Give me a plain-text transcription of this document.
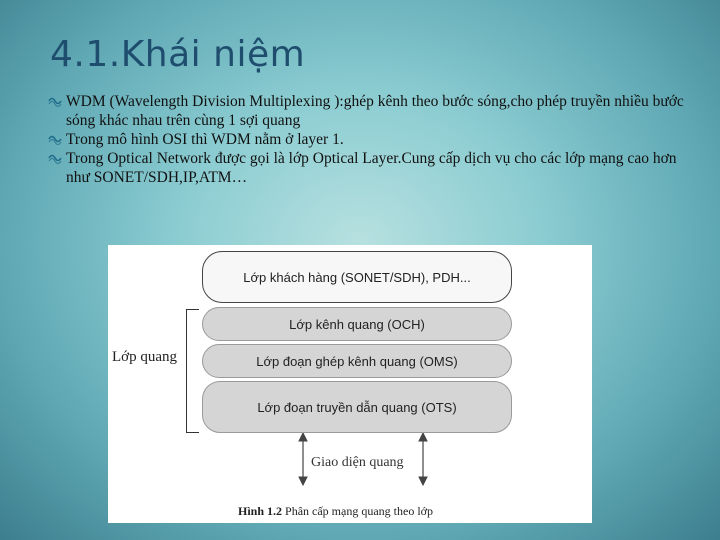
4.1.Khái niệm
WDM (Wavelength Division Multiplexing ):ghép kênh theo bước sóng,cho phép truyền nhiều bước sóng khác nhau trên cùng 1 sợi quang
Trong mô hình OSI thì WDM nằm ở layer 1.
Trong Optical Network được gọi là lớp Optical Layer.Cung cấp dịch vụ cho các lớp mạng cao hơn như SONET/SDH,IP,ATM…
Lớp khách hàng (SONET/SDH), PDH...
Lớp kênh quang (OCH)
Lớp đoạn ghép kênh quang (OMS)
Lớp đoạn truyền dẫn quang (OTS)
Lớp quang
Giao diện quang
Hình 1.2 Phân cấp mạng quang theo lớp
